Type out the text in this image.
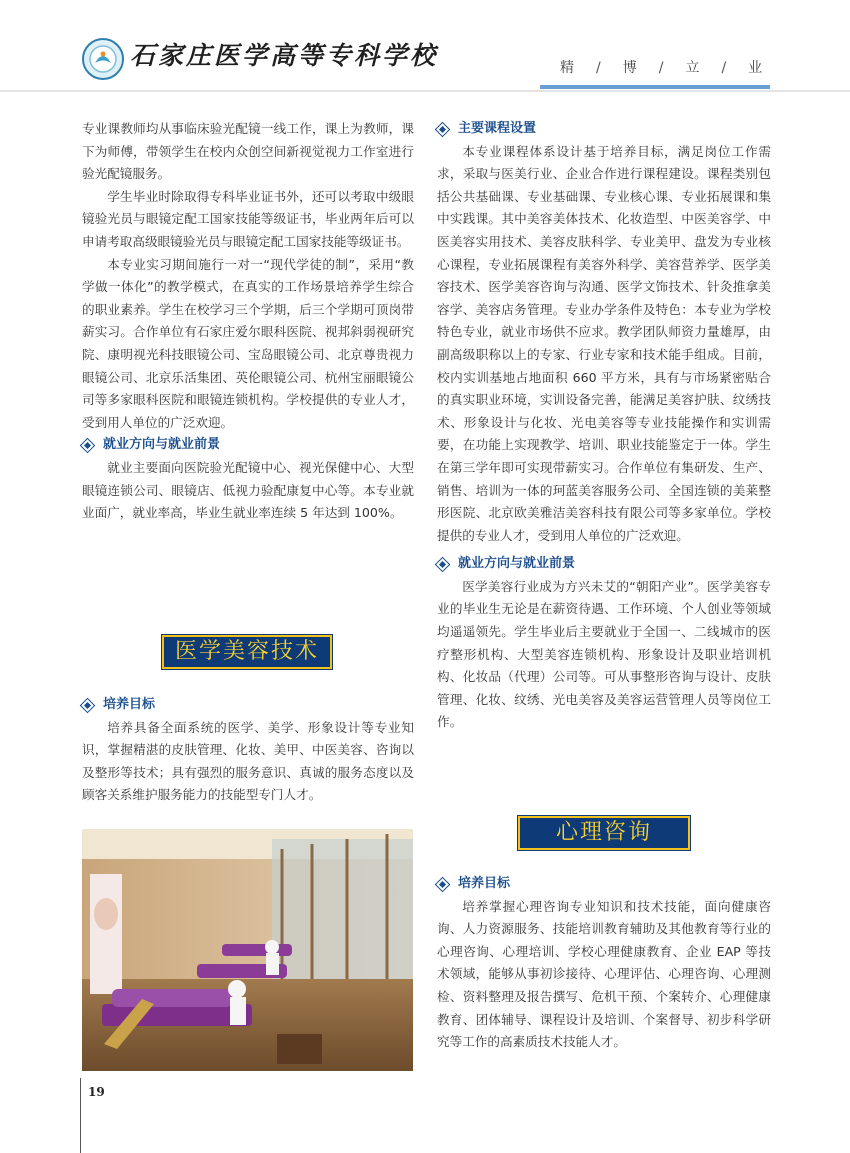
石家庄医学高等专科学校	精 / 博 / 立 / 业

专业课教师均从事临床验光配镜一线工作，课上为教师，课下为师傅，带领学生在校内众创空间新视觉视力工作室进行验光配镜服务。

学生毕业时除取得专科毕业证书外，还可以考取中级眼镜验光员与眼镜定配工国家技能等级证书，毕业两年后可以申请考取高级眼镜验光员与眼镜定配工国家技能等级证书。

本专业实习期间施行一对一“现代学徒的制”，采用“教学做一体化”的教学模式，在真实的工作场景培养学生综合的职业素养。学生在校学习三个学期，后三个学期可顶岗带薪实习。合作单位有石家庄爱尔眼科医院、视邦斜弱视研究院、康明视光科技眼镜公司、宝岛眼镜公司、北京尊贵视力眼镜公司、北京乐活集团、英伦眼镜公司、杭州宝丽眼镜公司等多家眼科医院和眼镜连锁机构。学校提供的专业人才，受到用人单位的广泛欢迎。

就业方向与就业前景

就业主要面向医院验光配镜中心、视光保健中心、大型眼镜连锁公司、眼镜店、低视力验配康复中心等。本专业就业面广，就业率高，毕业生就业率连续 5 年达到 100%。

医学美容技术
培养目标

培养具备全面系统的医学、美学、形象设计等专业知识，掌握精湛的皮肤管理、化妆、美甲、中医美容、咨询以及整形等技术；具有强烈的服务意识、真诚的服务态度以及顾客关系维护服务能力的技能型专门人才。

主要课程设置

本专业课程体系设计基于培养目标，满足岗位工作需求，采取与医美行业、企业合作进行课程建设。课程类别包括公共基础课、专业基础课、专业核心课、专业拓展课和集中实践课。其中美容美体技术、化妆造型、中医美容学、中医美容实用技术、美容皮肤科学、专业美甲、盘发为专业核心课程，专业拓展课程有美容外科学、美容营养学、医学美容技术、医学美容咨询与沟通、医学文饰技术、针灸推拿美容学、美容店务管理。专业办学条件及特色：本专业为学校特色专业，就业市场供不应求。教学团队师资力量雄厚，由副高级职称以上的专家、行业专家和技术能手组成。目前，校内实训基地占地面积 660 平方米，具有与市场紧密贴合的真实职业环境，实训设备完善，能满足美容护肤、纹绣技术、形象设计与化妆、光电美容等专业技能操作和实训需要，在功能上实现教学、培训、职业技能鉴定于一体。学生在第三学年即可实现带薪实习。合作单位有集研发、生产、销售、培训为一体的珂蓝美容服务公司、全国连锁的美莱整形医院、北京欧美雅洁美容科技有限公司等多家单位。学校提供的专业人才，受到用人单位的广泛欢迎。

就业方向与就业前景

医学美容行业成为方兴未艾的“朝阳产业”。医学美容专业的毕业生无论是在薪资待遇、工作环境、个人创业等领域均遥遥领先。学生毕业后主要就业于全国一、二线城市的医疗整形机构、大型美容连锁机构、形象设计及职业培训机构、化妆品（代理）公司等。可从事整形咨询与设计、皮肤管理、化妆、纹绣、光电美容及美容运营管理人员等岗位工作。

心理咨询
培养目标

培养掌握心理咨询专业知识和技术技能，面向健康咨询、人力资源服务、技能培训教育辅助及其他教育等行业的心理咨询、心理培训、学校心理健康教育、企业 EAP 等技术领域，能够从事初诊接待、心理评估、心理咨询、心理测检、资料整理及报告撰写、危机干预、个案转介、心理健康教育、团体辅导、课程设计及培训、个案督导、初步科学研究等工作的高素质技术技能人才。

19
